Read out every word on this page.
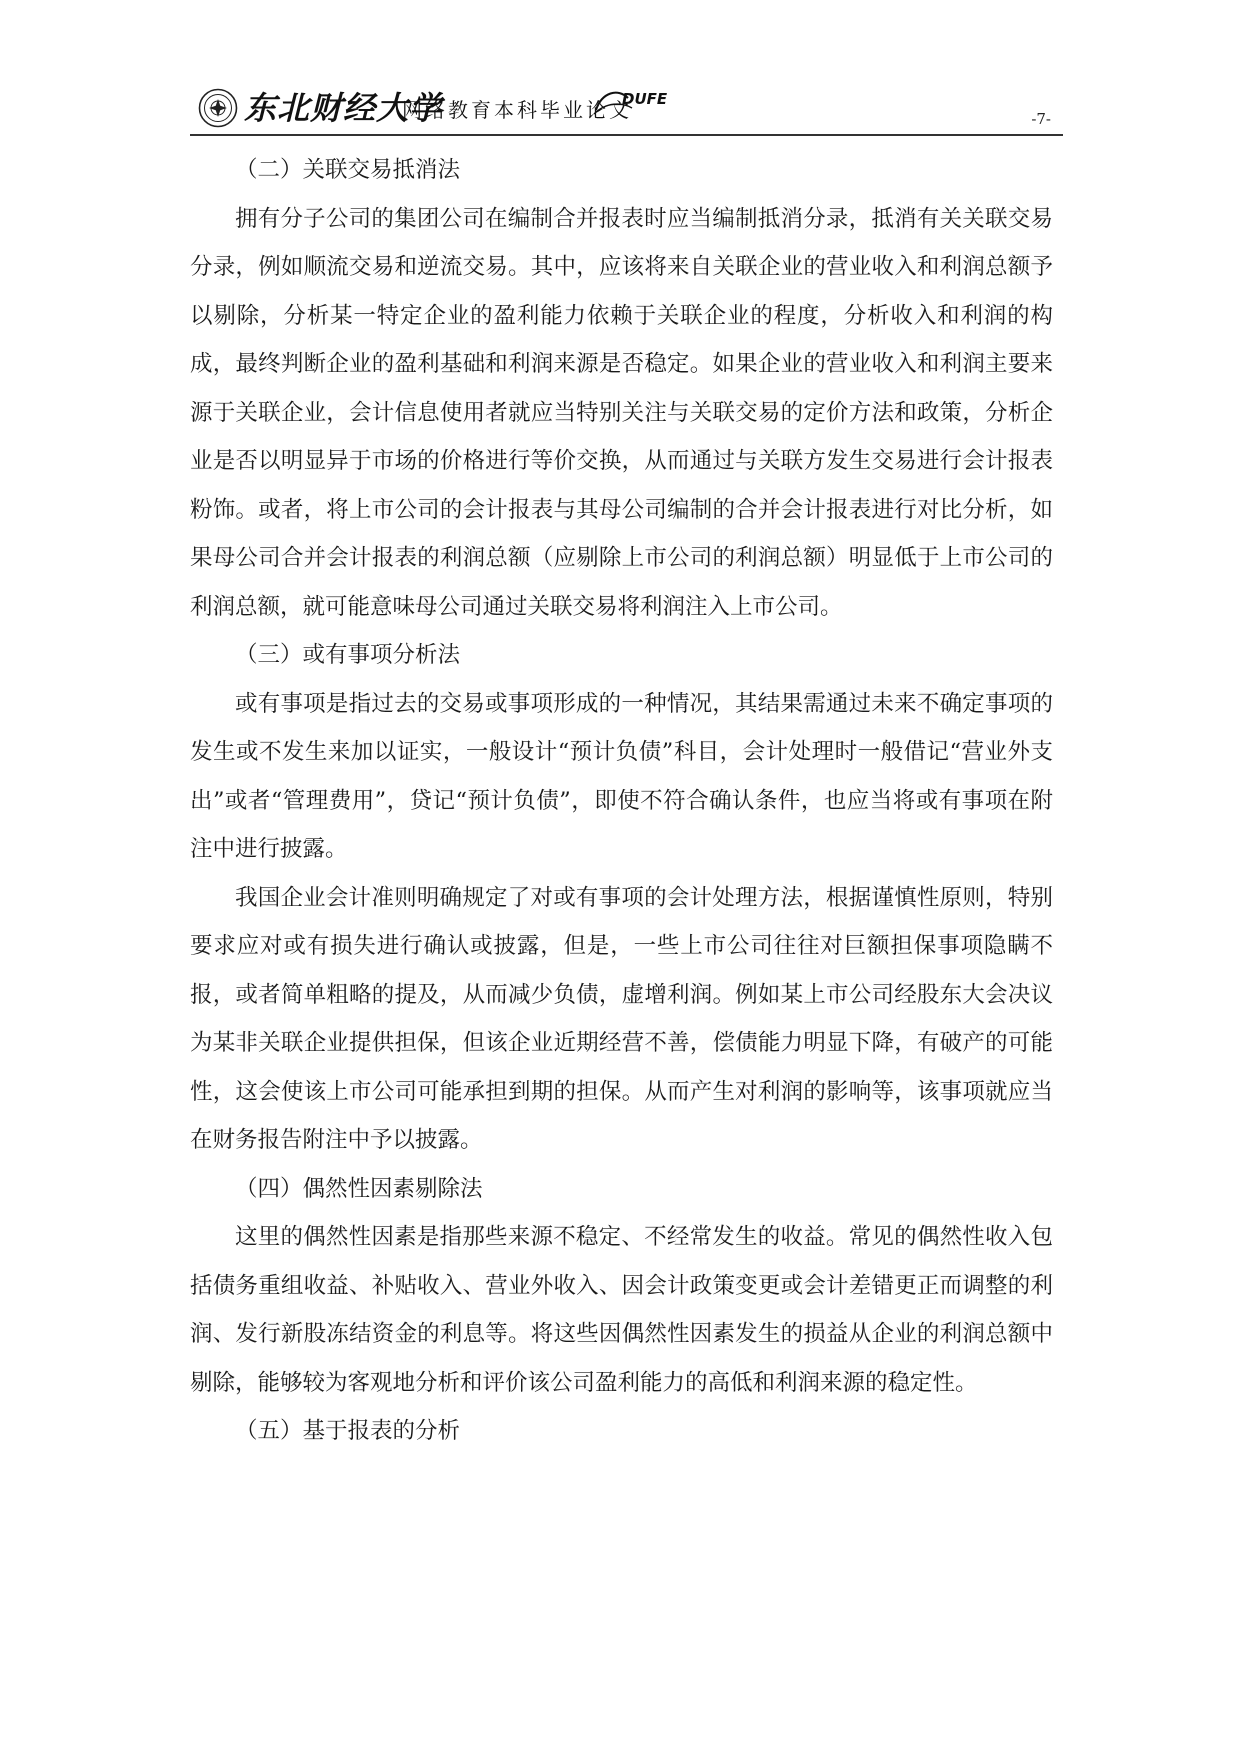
东北财经大学
网络教育本科毕业论文
DUFE
-7-

（二）关联交易抵消法

拥有分子公司的集团公司在编制合并报表时应当编制抵消分录，抵消有关关联交易分录，例如顺流交易和逆流交易。其中，应该将来自关联企业的营业收入和利润总额予以剔除，分析某一特定企业的盈利能力依赖于关联企业的程度，分析收入和利润的构成，最终判断企业的盈利基础和利润来源是否稳定。如果企业的营业收入和利润主要来源于关联企业，会计信息使用者就应当特别关注与关联交易的定价方法和政策，分析企业是否以明显异于市场的价格进行等价交换，从而通过与关联方发生交易进行会计报表粉饰。或者，将上市公司的会计报表与其母公司编制的合并会计报表进行对比分析，如果母公司合并会计报表的利润总额（应剔除上市公司的利润总额）明显低于上市公司的利润总额，就可能意味母公司通过关联交易将利润注入上市公司。

（三）或有事项分析法

或有事项是指过去的交易或事项形成的一种情况，其结果需通过未来不确定事项的发生或不发生来加以证实，一般设计“预计负债”科目，会计处理时一般借记“营业外支出”或者“管理费用”，贷记“预计负债”，即使不符合确认条件，也应当将或有事项在附注中进行披露。

我国企业会计准则明确规定了对或有事项的会计处理方法，根据谨慎性原则，特别要求应对或有损失进行确认或披露，但是，一些上市公司往往对巨额担保事项隐瞒不报，或者简单粗略的提及，从而减少负债，虚增利润。例如某上市公司经股东大会决议为某非关联企业提供担保，但该企业近期经营不善，偿债能力明显下降，有破产的可能性，这会使该上市公司可能承担到期的担保。从而产生对利润的影响等，该事项就应当在财务报告附注中予以披露。

（四）偶然性因素剔除法

这里的偶然性因素是指那些来源不稳定、不经常发生的收益。常见的偶然性收入包括债务重组收益、补贴收入、营业外收入、因会计政策变更或会计差错更正而调整的利润、发行新股冻结资金的利息等。将这些因偶然性因素发生的损益从企业的利润总额中剔除，能够较为客观地分析和评价该公司盈利能力的高低和利润来源的稳定性。

（五）基于报表的分析
